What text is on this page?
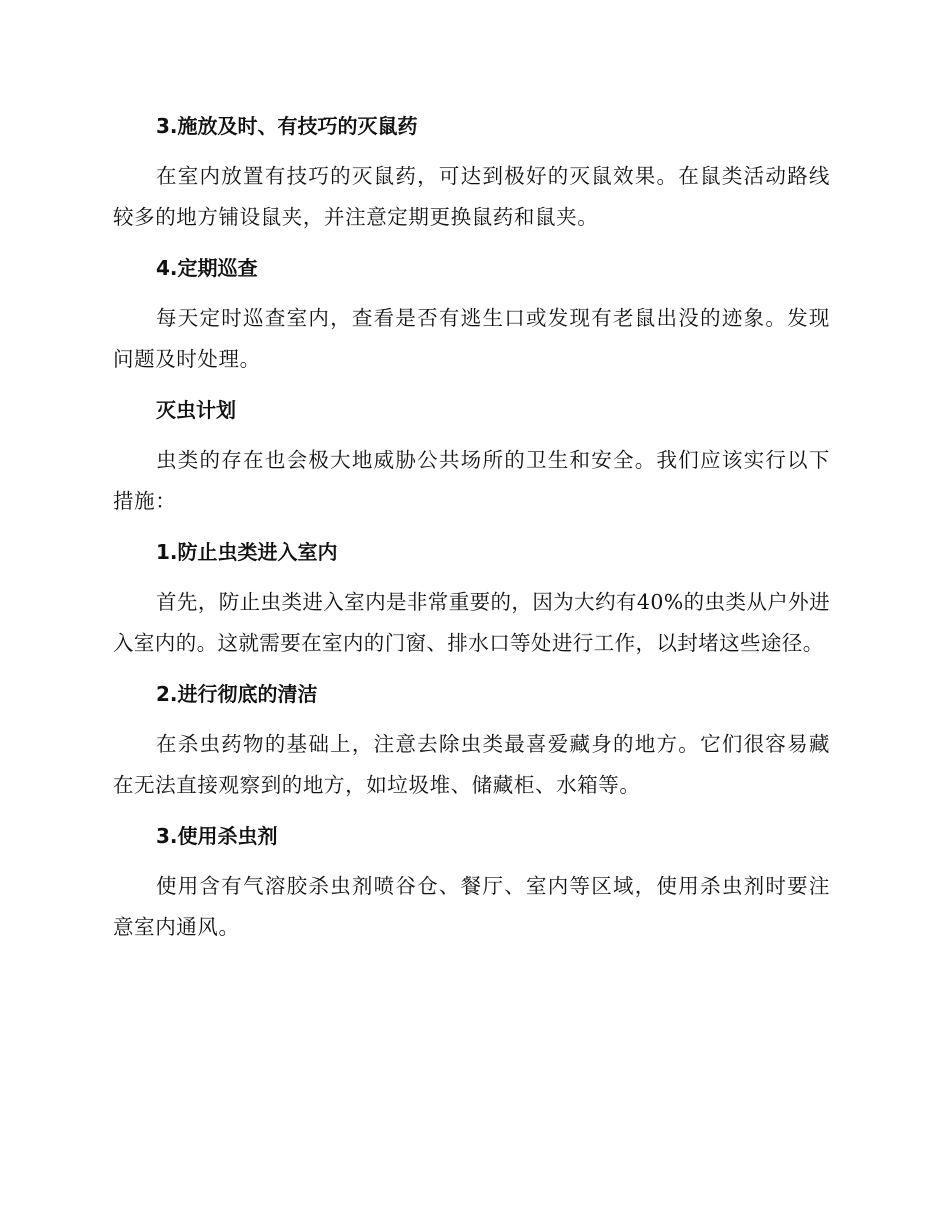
3.施放及时、有技巧的灭鼠药

在室内放置有技巧的灭鼠药，可达到极好的灭鼠效果。在鼠类活动路线较多的地方铺设鼠夹，并注意定期更换鼠药和鼠夹。

4.定期巡查

每天定时巡查室内，查看是否有逃生口或发现有老鼠出没的迹象。发现问题及时处理。

灭虫计划

虫类的存在也会极大地威胁公共场所的卫生和安全。我们应该实行以下措施：

1.防止虫类进入室内

首先，防止虫类进入室内是非常重要的，因为大约有40%的虫类从户外进入室内的。这就需要在室内的门窗、排水口等处进行工作，以封堵这些途径。

2.进行彻底的清洁

在杀虫药物的基础上，注意去除虫类最喜爱藏身的地方。它们很容易藏在无法直接观察到的地方，如垃圾堆、储藏柜、水箱等。

3.使用杀虫剂

使用含有气溶胶杀虫剂喷谷仓、餐厅、室内等区域，使用杀虫剂时要注意室内通风。
